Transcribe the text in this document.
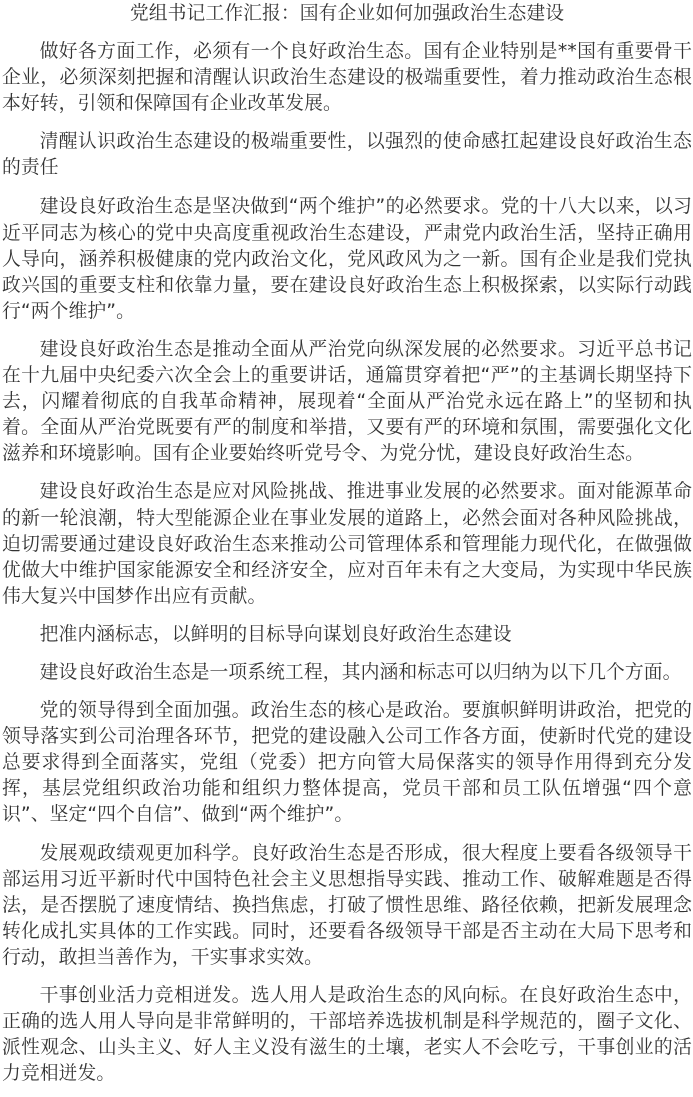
党组书记工作汇报：国有企业如何加强政治生态建设

做好各方面工作，必须有一个良好政治生态。国有企业特别是**国有重要骨干企业，必须深刻把握和清醒认识政治生态建设的极端重要性，着力推动政治生态根本好转，引领和保障国有企业改革发展。

清醒认识政治生态建设的极端重要性，以强烈的使命感扛起建设良好政治生态的责任

建设良好政治生态是坚决做到“两个维护”的必然要求。党的十八大以来，以习近平同志为核心的党中央高度重视政治生态建设，严肃党内政治生活，坚持正确用人导向，涵养积极健康的党内政治文化，党风政风为之一新。国有企业是我们党执政兴国的重要支柱和依靠力量，要在建设良好政治生态上积极探索，以实际行动践行“两个维护”。

建设良好政治生态是推动全面从严治党向纵深发展的必然要求。习近平总书记在十九届中央纪委六次全会上的重要讲话，通篇贯穿着把“严”的主基调长期坚持下去，闪耀着彻底的自我革命精神，展现着“全面从严治党永远在路上”的坚韧和执着。全面从严治党既要有严的制度和举措，又要有严的环境和氛围，需要强化文化滋养和环境影响。国有企业要始终听党号令、为党分忧，建设良好政治生态。

建设良好政治生态是应对风险挑战、推进事业发展的必然要求。面对能源革命的新一轮浪潮，特大型能源企业在事业发展的道路上，必然会面对各种风险挑战，迫切需要通过建设良好政治生态来推动公司管理体系和管理能力现代化，在做强做优做大中维护国家能源安全和经济安全，应对百年未有之大变局，为实现中华民族伟大复兴中国梦作出应有贡献。

把准内涵标志，以鲜明的目标导向谋划良好政治生态建设

建设良好政治生态是一项系统工程，其内涵和标志可以归纳为以下几个方面。

党的领导得到全面加强。政治生态的核心是政治。要旗帜鲜明讲政治，把党的领导落实到公司治理各环节，把党的建设融入公司工作各方面，使新时代党的建设总要求得到全面落实，党组（党委）把方向管大局保落实的领导作用得到充分发挥，基层党组织政治功能和组织力整体提高，党员干部和员工队伍增强“四个意识”、坚定“四个自信”、做到“两个维护”。

发展观政绩观更加科学。良好政治生态是否形成，很大程度上要看各级领导干部运用习近平新时代中国特色社会主义思想指导实践、推动工作、破解难题是否得法，是否摆脱了速度情结、换挡焦虑，打破了惯性思维、路径依赖，把新发展理念转化成扎实具体的工作实践。同时，还要看各级领导干部是否主动在大局下思考和行动，敢担当善作为，干实事求实效。

干事创业活力竞相迸发。选人用人是政治生态的风向标。在良好政治生态中，正确的选人用人导向是非常鲜明的，干部培养选拔机制是科学规范的，圈子文化、派性观念、山头主义、好人主义没有滋生的土壤，老实人不会吃亏，干事创业的活力竞相迸发。
